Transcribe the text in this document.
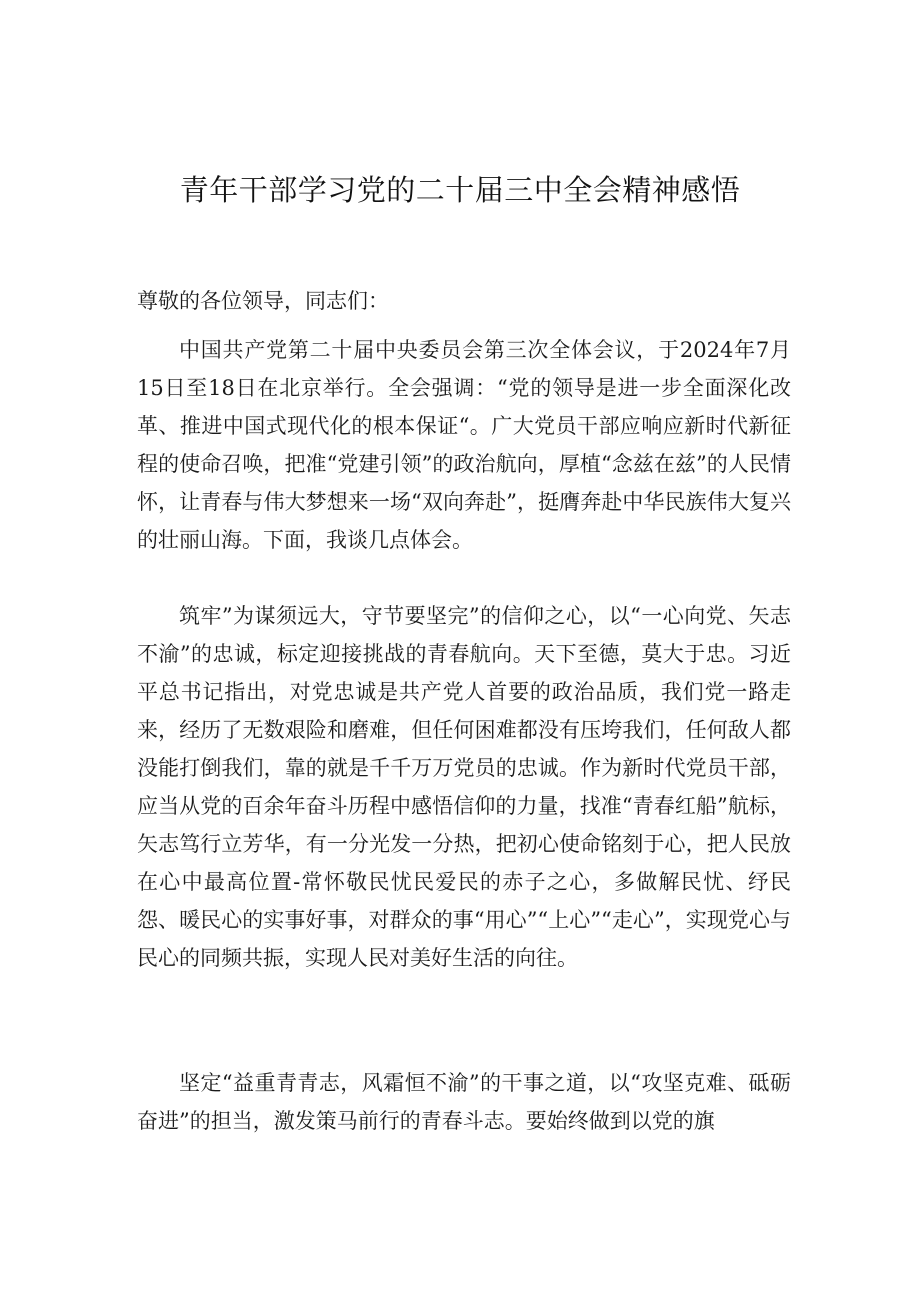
青年干部学习党的二十届三中全会精神感悟

尊敬的各位领导，同志们：

中国共产党第二十届中央委员会第三次全体会议，于2024年7月15日至18日在北京举行。全会强调：“党的领导是进一步全面深化改革、推进中国式现代化的根本保证“。广大党员干部应响应新时代新征程的使命召唤，把准“党建引领”的政治航向，厚植“念兹在兹”的人民情怀，让青春与伟大梦想来一场“双向奔赴”，挺膺奔赴中华民族伟大复兴的壮丽山海。下面，我谈几点体会。

筑牢”为谋须远大，守节要坚完”的信仰之心，以“一心向党、矢志不渝”的忠诚，标定迎接挑战的青春航向。天下至德，莫大于忠。习近平总书记指出，对党忠诚是共产党人首要的政治品质，我们党一路走来，经历了无数艰险和磨难，但任何困难都没有压垮我们，任何敌人都没能打倒我们，靠的就是千千万万党员的忠诚。作为新时代党员干部，应当从党的百余年奋斗历程中感悟信仰的力量，找准“青春红船”航标，矢志笃行立芳华，有一分光发一分热，把初心使命铭刻于心，把人民放在心中最高位置-常怀敬民忧民爱民的赤子之心，多做解民忧、纾民怨、暖民心的实事好事，对群众的事“用心”“上心”“走心”，实现党心与民心的同频共振，实现人民对美好生活的向往。

坚定“益重青青志，风霜恒不渝”的干事之道，以“攻坚克难、砥砺奋进”的担当，激发策马前行的青春斗志。要始终做到以党的旗
